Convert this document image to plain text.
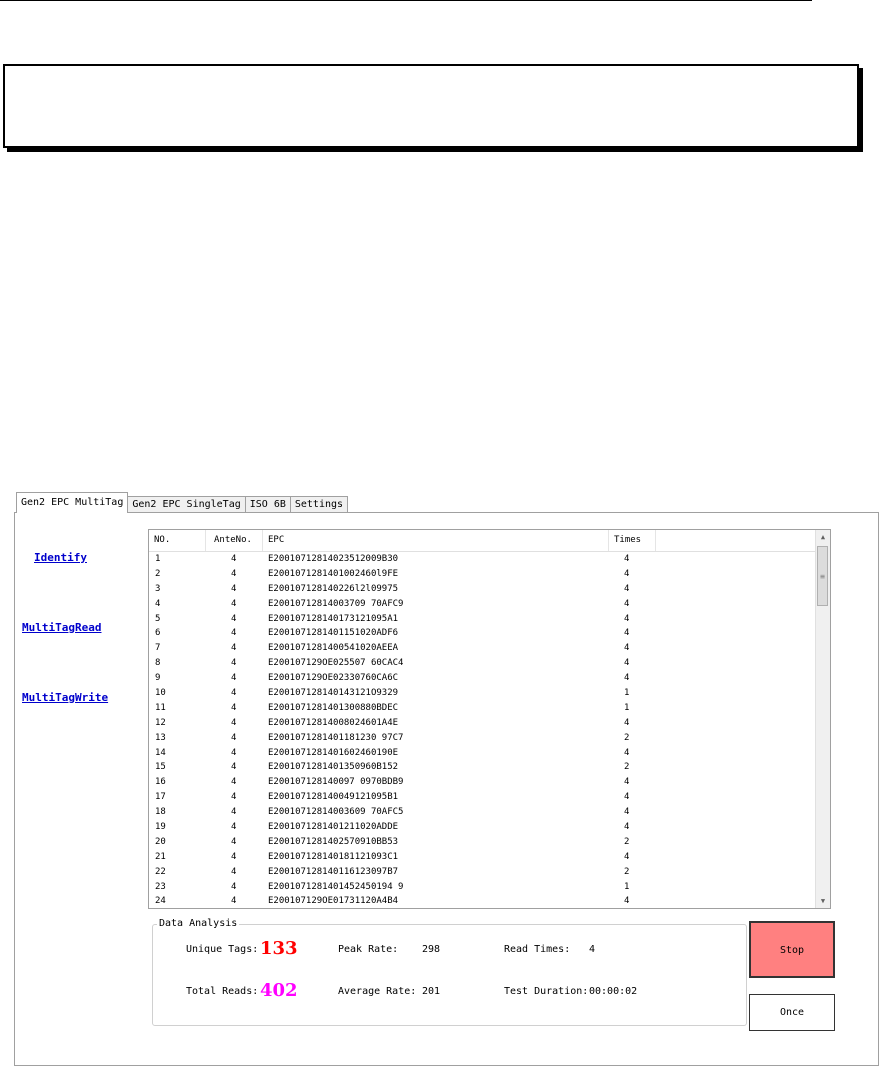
Gen2 EPC MultiTag Gen2 EPC SingleTag ISO 6B Settings
Identify
MultiTagRead
MultiTagWrite
NO.	AnteNo.	EPC	Times
1	4	E20010712814023512009B30	4
2	4	E2001071281401002460l9FE	4
3	4	E200107128140226l2l09975	4
4	4	E20010712814003709 70AFC9	4
5	4	E200107128140173121095A1	4
6	4	E2001071281401151020ADF6	4
7	4	E2001071281400541020AEEA	4
8	4	E200107129OE025507 60CAC4	4
9	4	E200107129OE02330760CA6C	4
10	4	E200107128140143121O9329	1
11	4	E2001071281401300880BDEC	1
12	4	E20010712814008024601A4E	4
13	4	E2001071281401181230 97C7	2
14	4	E2001071281401602460190E	4
15	4	E2001071281401350960B152	2
16	4	E200107128140097 0970BDB9	4
17	4	E200107128140049121095B1	4
18	4	E20010712814003609 70AFC5	4
19	4	E2001071281401211020ADDE	4
20	4	E2001071281402570910BB53	2
21	4	E200107128140181121093C1	4
22	4	E200107128140116123097B7	2
23	4	E2001071281401452450194 9	1
24	4	E200107129OE01731120A4B4	4
▲
≡
▼
Data Analysis
Unique Tags: 133
Total Reads: 402
Peak Rate: 298
Average Rate: 201
Read Times: 4
Test Duration: 00:00:02
Stop
Once
